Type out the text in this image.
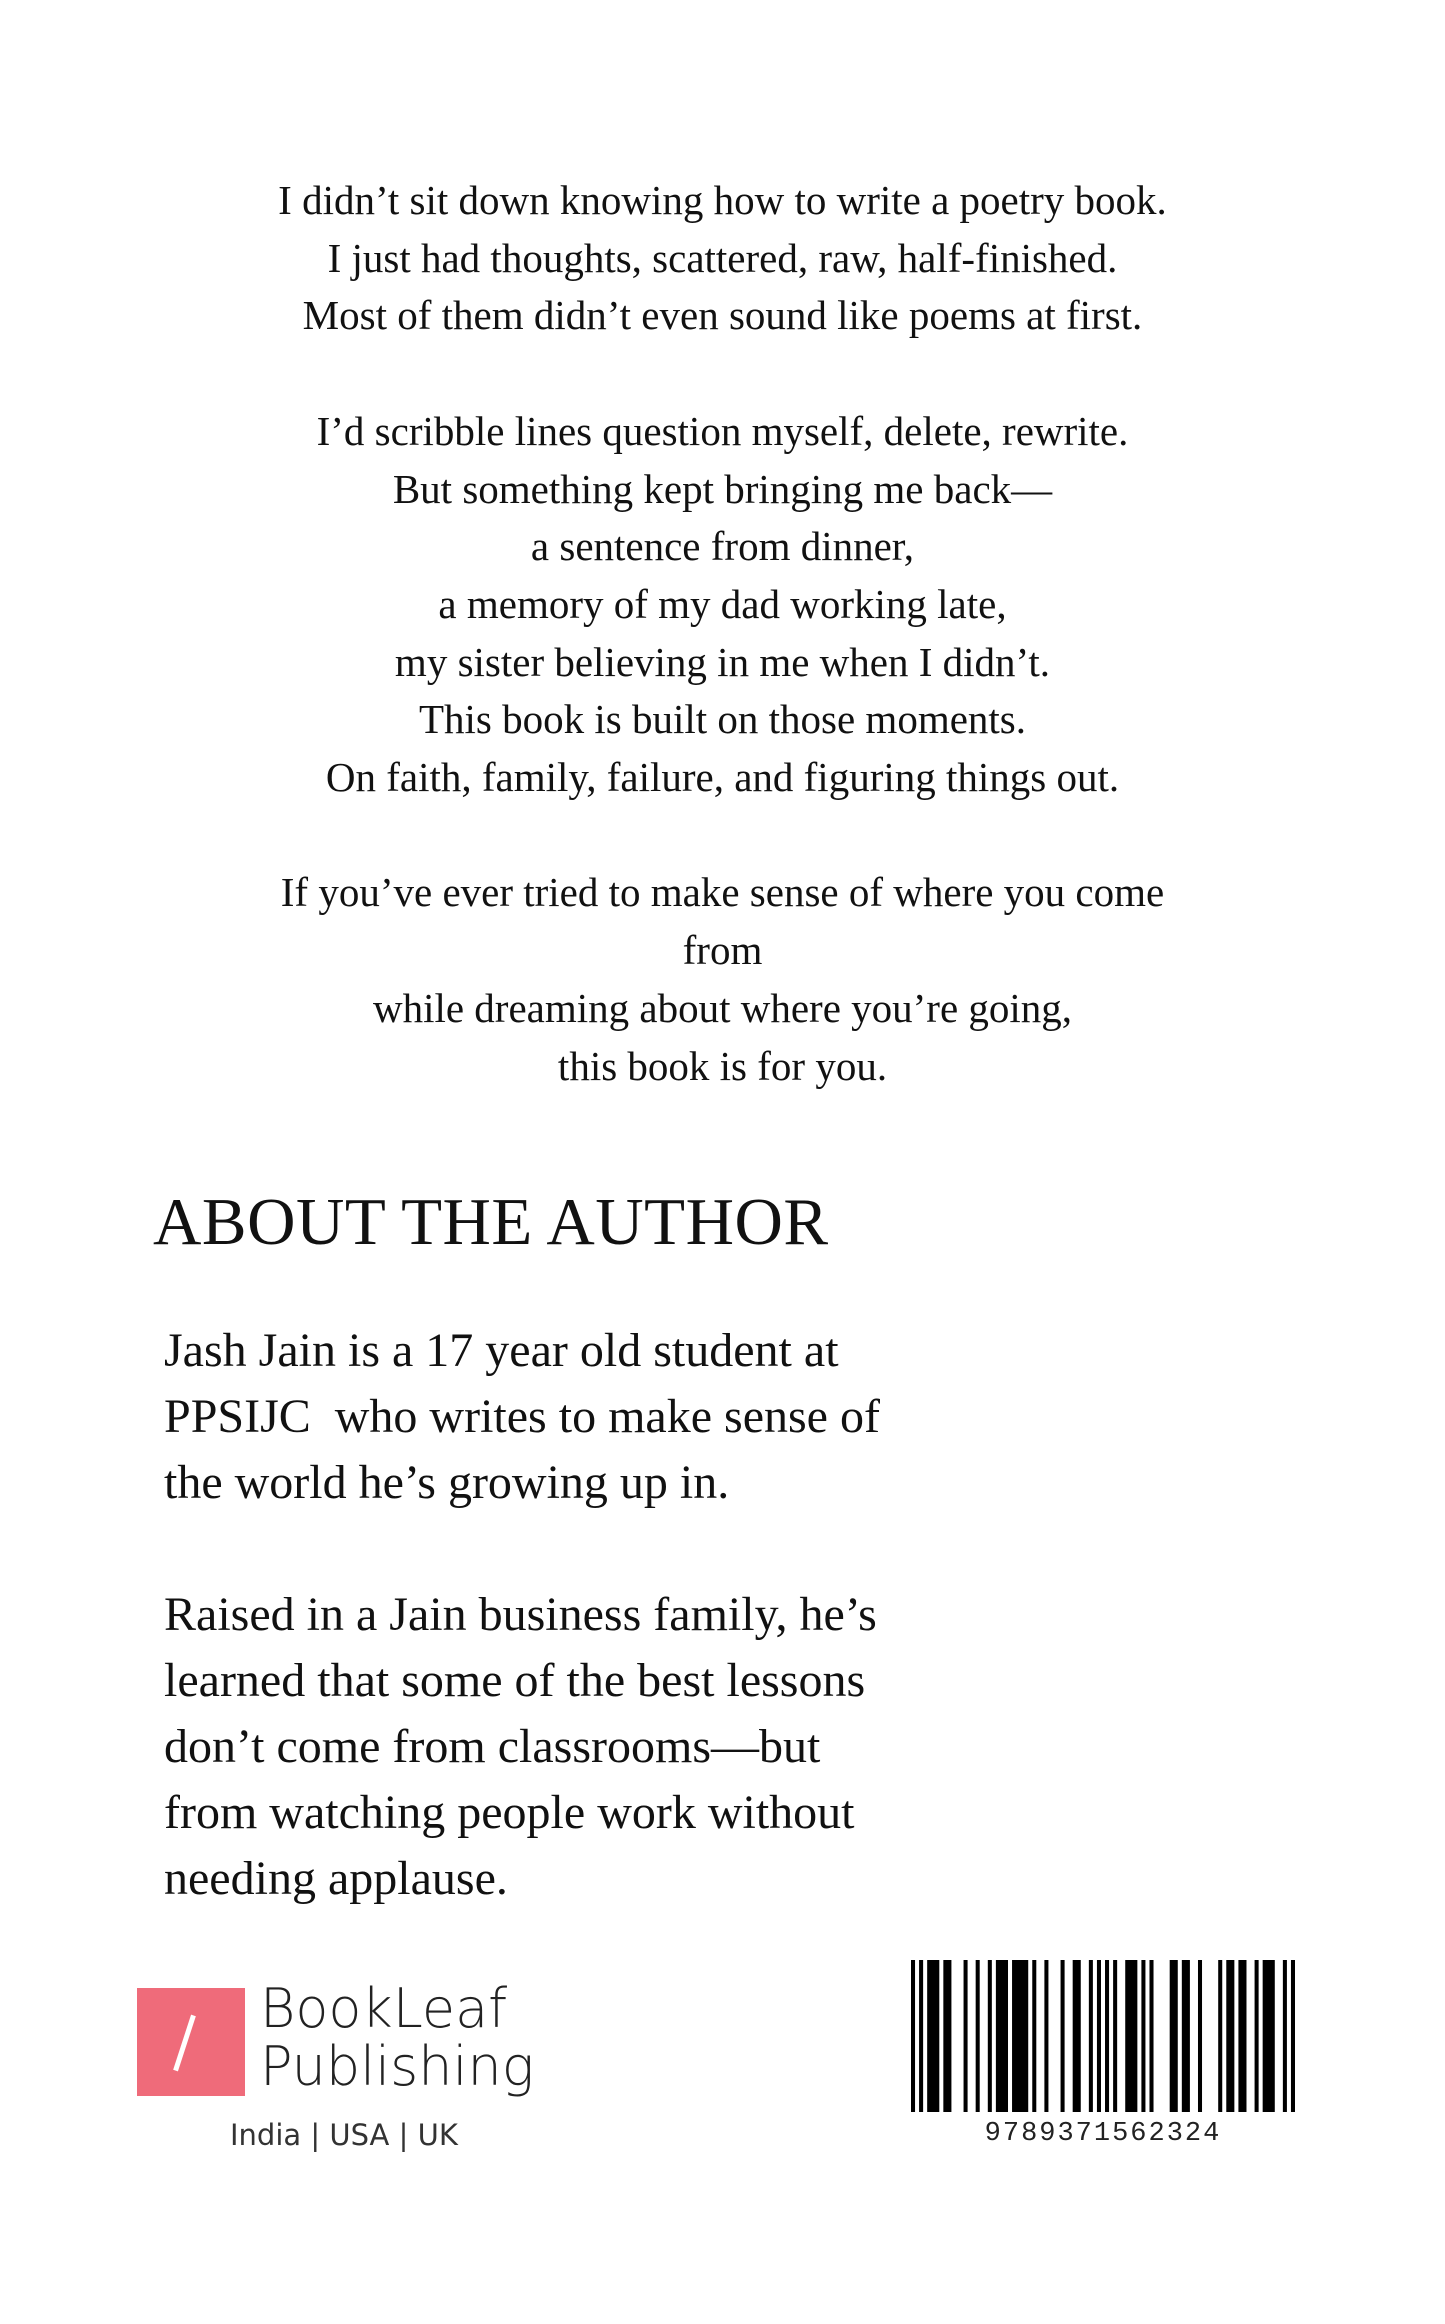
I didn’t sit down knowing how to write a poetry book.
I just had thoughts, scattered, raw, half-finished.
Most of them didn’t even sound like poems at first.

I’d scribble lines question myself, delete, rewrite.
But something kept bringing me back—
a sentence from dinner,
a memory of my dad working late,
my sister believing in me when I didn’t.
This book is built on those moments.
On faith, family, failure, and figuring things out.

If you’ve ever tried to make sense of where you come
from
while dreaming about where you’re going,
this book is for you.

ABOUT THE AUTHOR

Jash Jain is a 17 year old student at
PPSIJC  who writes to make sense of
the world he’s growing up in.

Raised in a Jain business family, he’s
learned that some of the best lessons
don’t come from classrooms—but
from watching people work without
needing applause.

BookLeaf
Publishing
India | USA | UK	9789371562324
